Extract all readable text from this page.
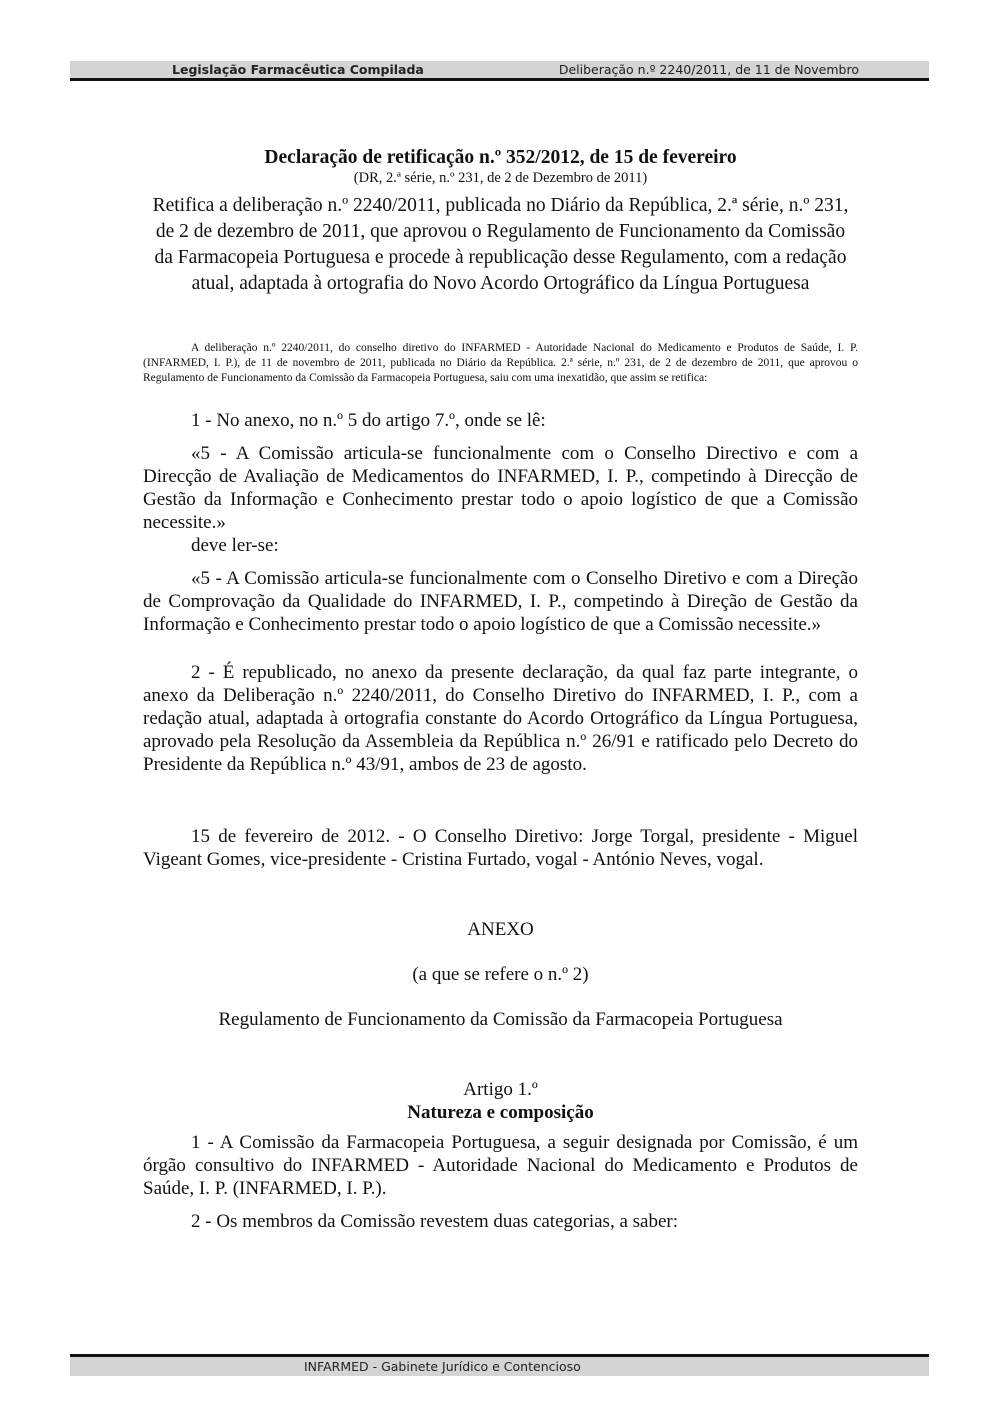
Legislação Farmacêutica Compilada	Deliberação n.º 2240/2011, de 11 de Novembro

Declaração de retificação n.º 352/2012, de 15 de fevereiro

(DR, 2.ª série, n.º 231, de 2 de Dezembro de 2011)

Retifica a deliberação n.º 2240/2011, publicada no Diário da República, 2.ª série, n.º 231, de 2 de dezembro de 2011, que aprovou o Regulamento de Funcionamento da Comissão da Farmacopeia Portuguesa e procede à republicação desse Regulamento, com a redação atual, adaptada à ortografia do Novo Acordo Ortográfico da Língua Portuguesa

A deliberação n.º 2240/2011, do conselho diretivo do INFARMED - Autoridade Nacional do Medicamento e Produtos de Saúde, I. P. (INFARMED, I. P.), de 11 de novembro de 2011, publicada no Diário da República. 2.ª série, n.º 231, de 2 de dezembro de 2011, que aprovou o Regulamento de Funcionamento da Comissão da Farmacopeia Portuguesa, saiu com uma inexatidão, que assim se retifica:

1 - No anexo, no n.º 5 do artigo 7.º, onde se lê:

«5 - A Comissão articula-se funcionalmente com o Conselho Directivo e com a Direcção de Avaliação de Medicamentos do INFARMED, I. P., competindo à Direcção de Gestão da Informação e Conhecimento prestar todo o apoio logístico de que a Comissão necessite.»

deve ler-se:

«5 - A Comissão articula-se funcionalmente com o Conselho Diretivo e com a Direção de Comprovação da Qualidade do INFARMED, I. P., competindo à Direção de Gestão da Informação e Conhecimento prestar todo o apoio logístico de que a Comissão necessite.»

2 - É republicado, no anexo da presente declaração, da qual faz parte integrante, o anexo da Deliberação n.º 2240/2011, do Conselho Diretivo do INFARMED, I. P., com a redação atual, adaptada à ortografia constante do Acordo Ortográfico da Língua Portuguesa, aprovado pela Resolução da Assembleia da República n.º 26/91 e ratificado pelo Decreto do Presidente da República n.º 43/91, ambos de 23 de agosto.

15 de fevereiro de 2012. - O Conselho Diretivo: Jorge Torgal, presidente - Miguel Vigeant Gomes, vice-presidente - Cristina Furtado, vogal - António Neves, vogal.

ANEXO

(a que se refere o n.º 2)

Regulamento de Funcionamento da Comissão da Farmacopeia Portuguesa

Artigo 1.º

Natureza e composição

1 - A Comissão da Farmacopeia Portuguesa, a seguir designada por Comissão, é um órgão consultivo do INFARMED - Autoridade Nacional do Medicamento e Produtos de Saúde, I. P. (INFARMED, I. P.).

2 - Os membros da Comissão revestem duas categorias, a saber:

INFARMED - Gabinete Jurídico e Contencioso
